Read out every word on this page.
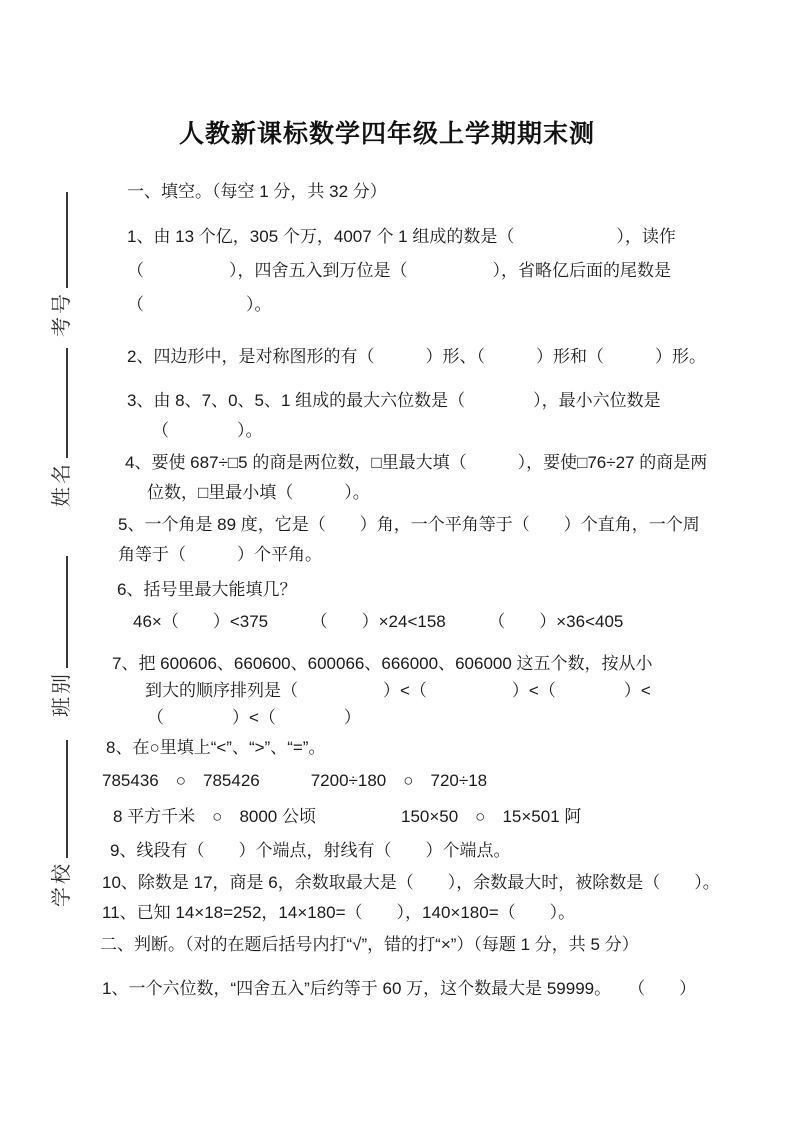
考号
姓名
班别
学校
人教新课标数学四年级上学期期末测
一、填空。（每空 1 分，共 32 分）
1、由 13 个亿，305 个万，4007 个 1 组成的数是（　　　　　　），读作
（　　　　　），四舍五入到万位是（　　　　　），省略亿后面的尾数是
（　　　　　　）。
2、四边形中，是对称图形的有（　　　）形、（　　　）形和（　　　）形。
3、由 8、7、0、5、1 组成的最大六位数是（　　　　），最小六位数是
（　　　　）。
4、要使 687÷□5 的商是两位数，□里最大填（　　　），要使□76÷27 的商是两
位数，□里最小填（　　　）。
5、一个角是 89 度，它是（　　）角，一个平角等于（　　）个直角，一个周
角等于（　　　）个平角。
6、括号里最大能填几？
46×（　　）<375　　　（　　）×24<158　　　（　　）×36<405
7、把 600606、660600、600066、666000、606000 这五个数，按从小
到大的顺序排列是（　　　　　）<（　　　　　）<（　　　　）<
（　　　　）<（　　　　）
8、在○里填上“<”、“>”、“=”。
785436　○　785426　　　7200÷180　○　720÷18
8 平方千米　○　8000 公顷　　　　　150×50　○　15×501 阿
9、线段有（　　）个端点，射线有（　　）个端点。
10、除数是 17，商是 6，余数取最大是（　　），余数最大时，被除数是（　　）。
11、已知 14×18=252，14×180=（　　），140×180=（　　）。
二、判断。（对的在题后括号内打“√”，错的打“×”）（每题 1 分，共 5 分）
1、一个六位数，“四舍五入”后约等于 60 万，这个数最大是 59999。　　（　　）
